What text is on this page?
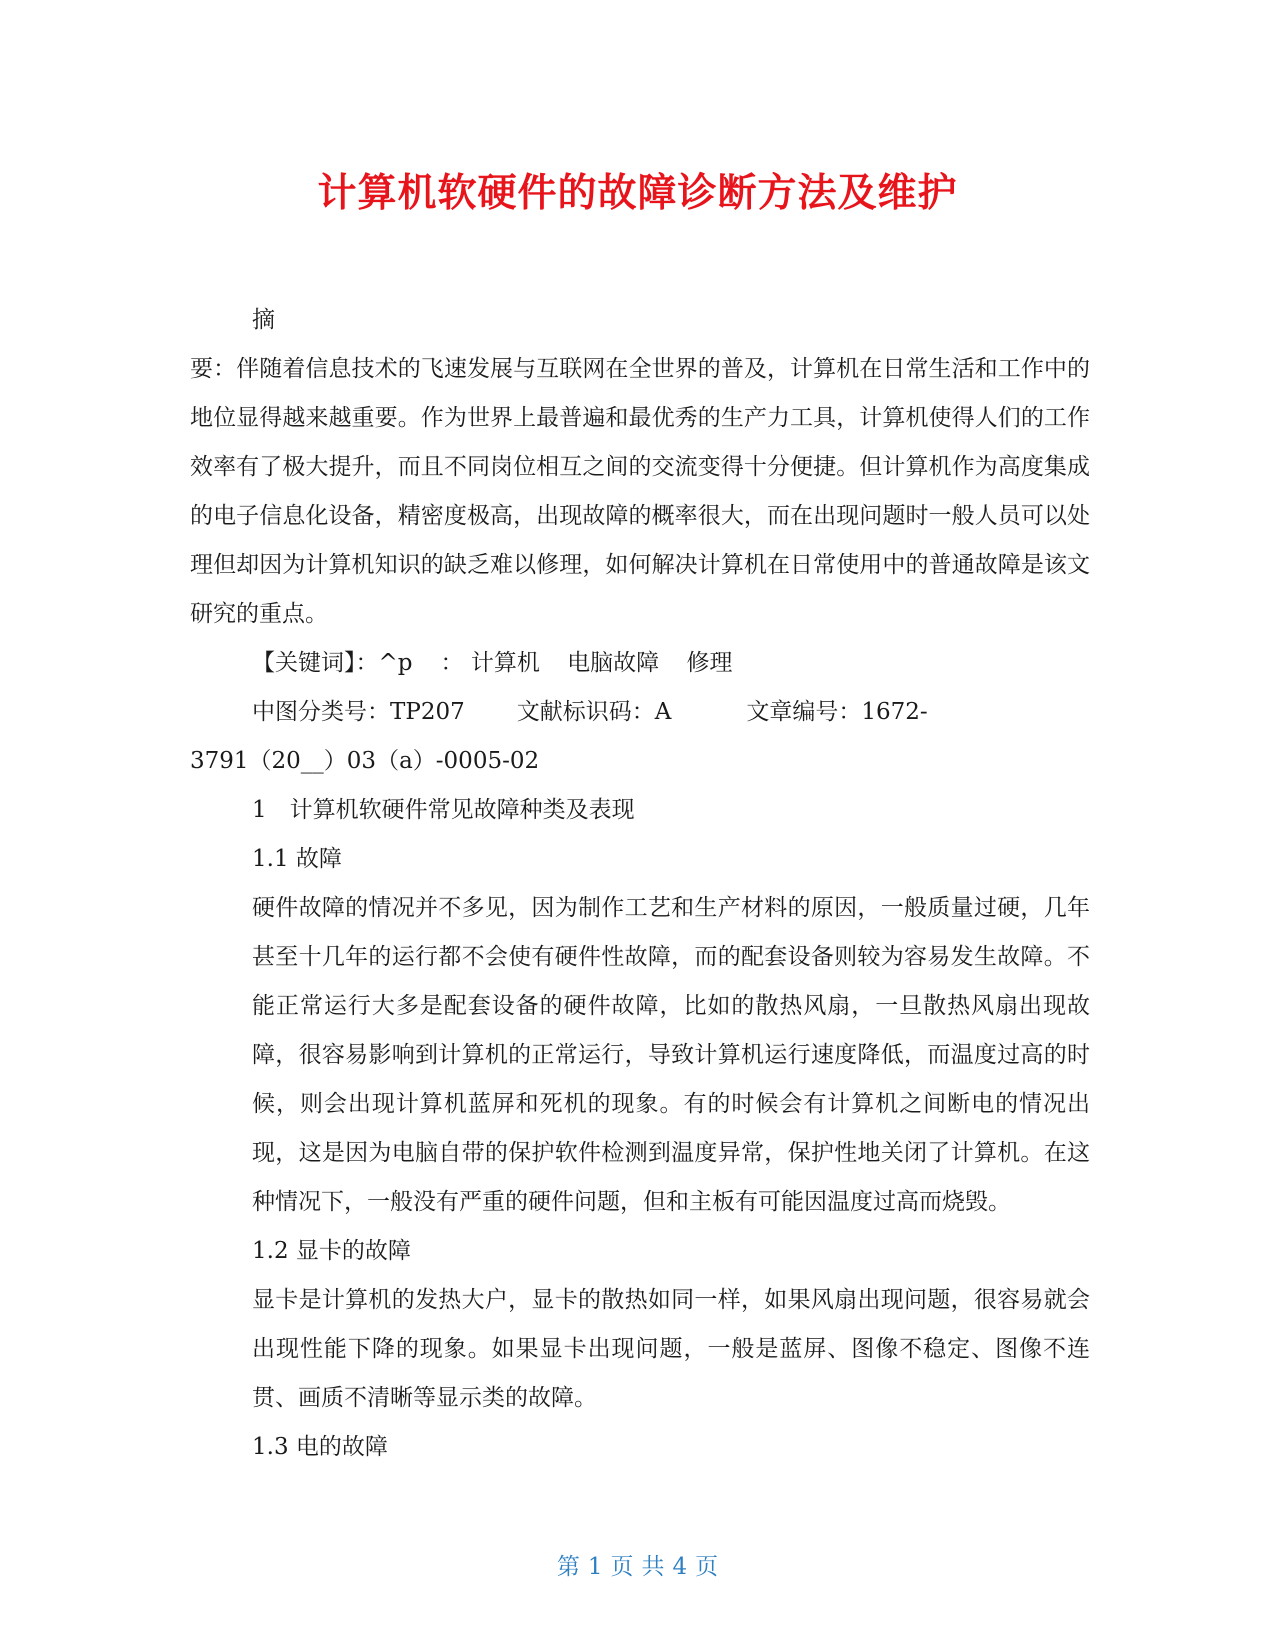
计算机软硬件的故障诊断方法及维护

摘

要：伴随着信息技术的飞速发展与互联网在全世界的普及，计算机在日常生活和工作中的地位显得越来越重要。作为世界上最普遍和最优秀的生产力工具，计算机使得人们的工作效率有了极大提升，而且不同岗位相互之间的交流变得十分便捷。但计算机作为高度集成的电子信息化设备，精密度极高，出现故障的概率很大，而在出现问题时一般人员可以处理但却因为计算机知识的缺乏难以修理，如何解决计算机在日常使用中的普通故障是该文研究的重点。

【关键词】：^p ： 计算机 电脑故障 修理

中图分类号：TP207 文献标识码：A	文章编号：1672-

3791（20__）03（a）-0005-02

1　计算机软硬件常见故障种类及表现

1.1 故障

硬件故障的情况并不多见，因为制作工艺和生产材料的原因，一般质量过硬，几年甚至十几年的运行都不会使有硬件性故障，而的配套设备则较为容易发生故障。不能正常运行大多是配套设备的硬件故障，比如的散热风扇，一旦散热风扇出现故障，很容易影响到计算机的正常运行，导致计算机运行速度降低，而温度过高的时候，则会出现计算机蓝屏和死机的现象。有的时候会有计算机之间断电的情况出现，这是因为电脑自带的保护软件检测到温度异常，保护性地关闭了计算机。在这种情况下，一般没有严重的硬件问题，但和主板有可能因温度过高而烧毁。

1.2 显卡的故障

显卡是计算机的发热大户，显卡的散热如同一样，如果风扇出现问题，很容易就会出现性能下降的现象。如果显卡出现问题，一般是蓝屏、图像不稳定、图像不连贯、画质不清晰等显示类的故障。

1.3 电的故障

第 1 页 共 4 页
